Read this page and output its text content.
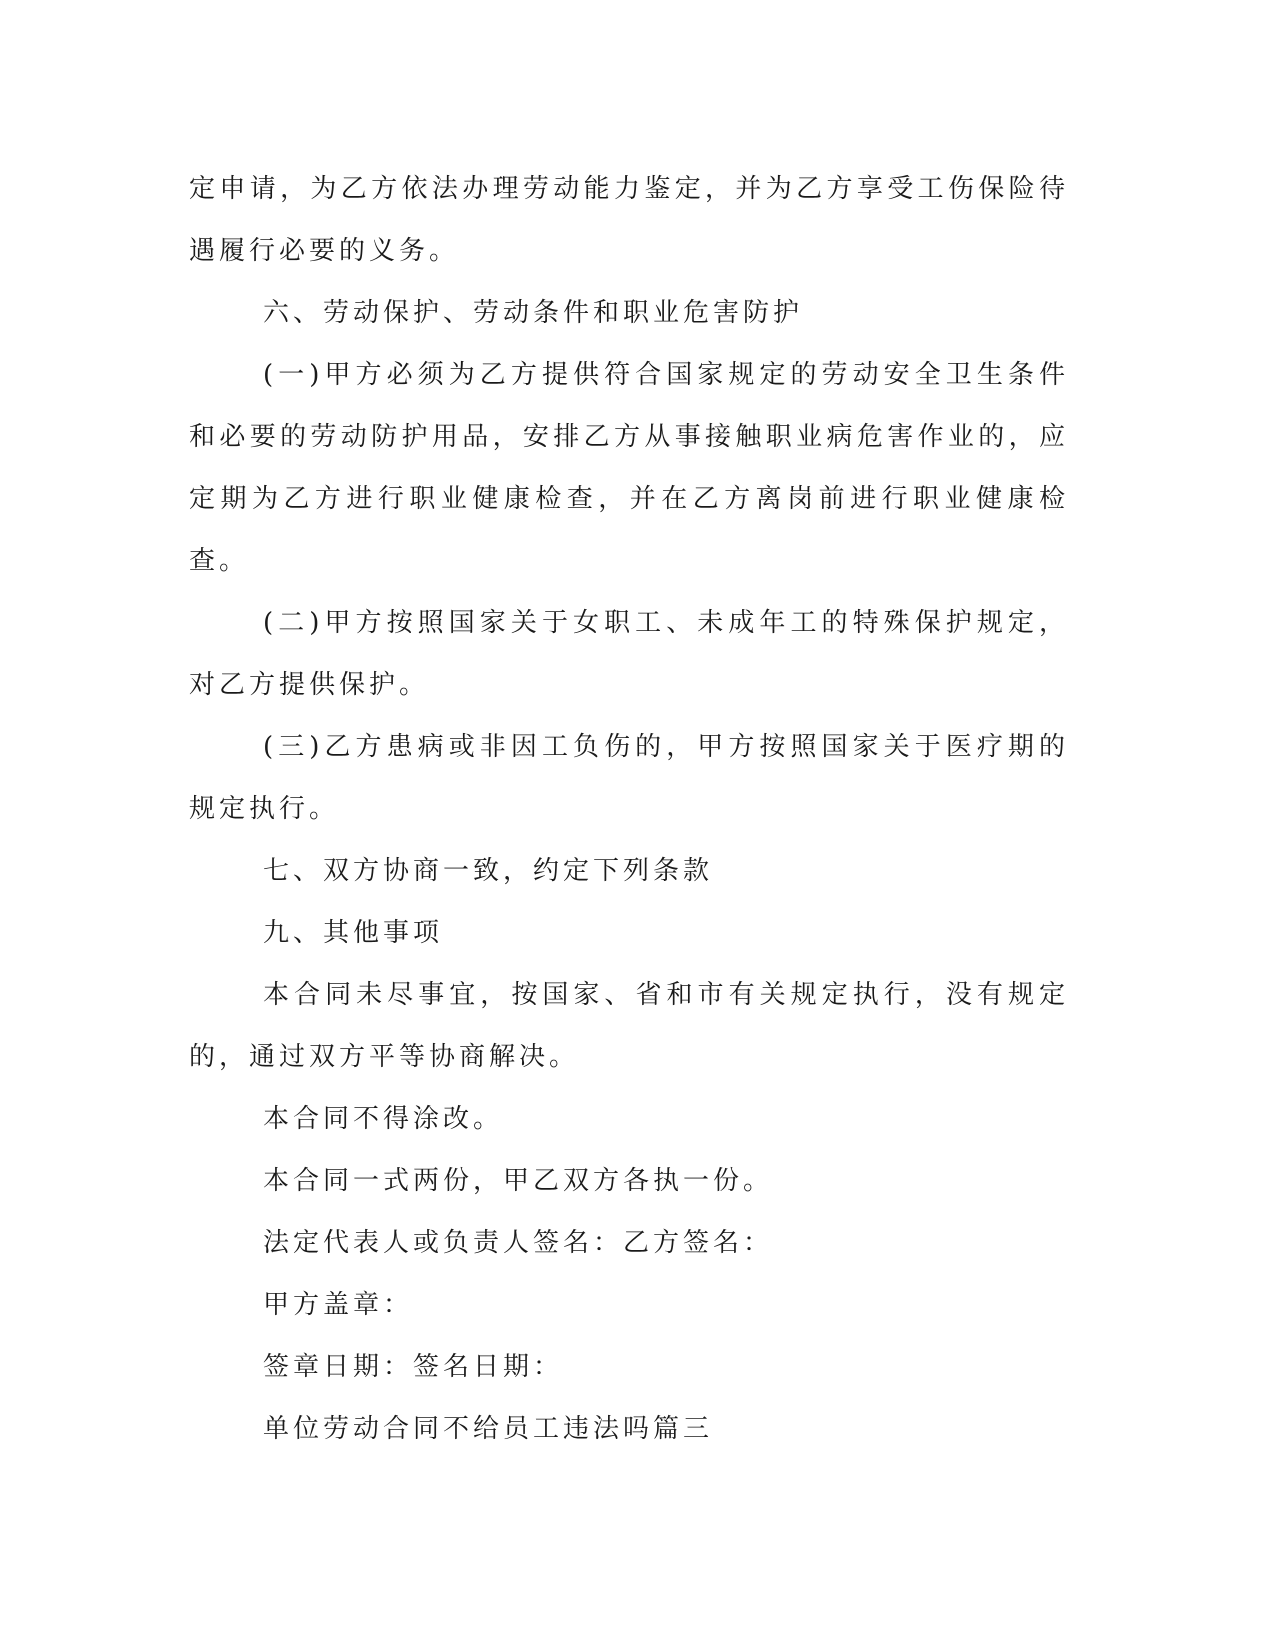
定申请，为乙方依法办理劳动能力鉴定，并为乙方享受工伤保险待遇履行必要的义务。

六、劳动保护、劳动条件和职业危害防护

(一)甲方必须为乙方提供符合国家规定的劳动安全卫生条件和必要的劳动防护用品，安排乙方从事接触职业病危害作业的，应定期为乙方进行职业健康检查，并在乙方离岗前进行职业健康检查。

(二)甲方按照国家关于女职工、未成年工的特殊保护规定，对乙方提供保护。

(三)乙方患病或非因工负伤的，甲方按照国家关于医疗期的规定执行。

七、双方协商一致，约定下列条款

九、其他事项

本合同未尽事宜，按国家、省和市有关规定执行，没有规定的，通过双方平等协商解决。

本合同不得涂改。

本合同一式两份，甲乙双方各执一份。

法定代表人或负责人签名：乙方签名：

甲方盖章：

签章日期：签名日期：

单位劳动合同不给员工违法吗篇三
